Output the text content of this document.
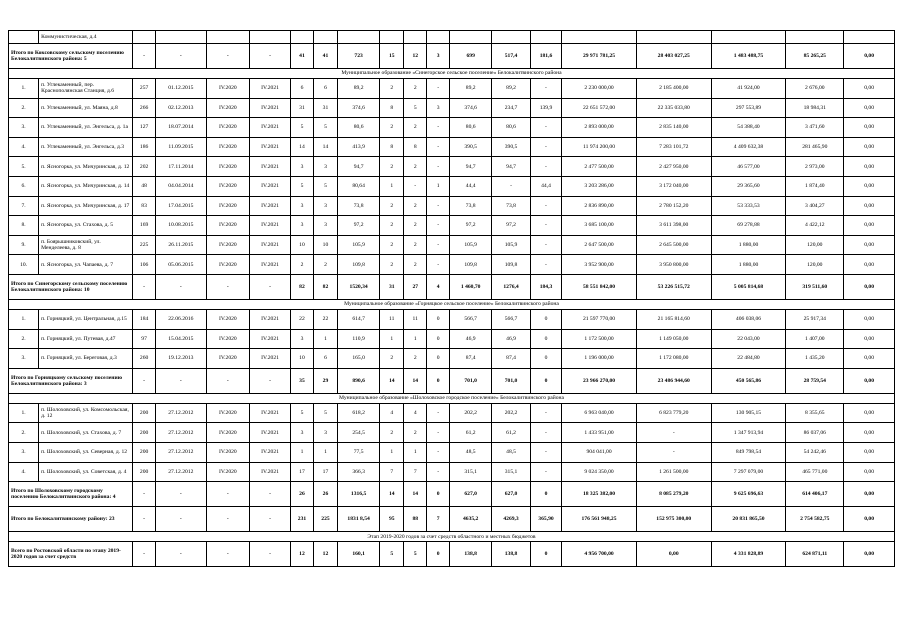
	Коммунистическая, д.4																		
Итого по Коксовскому сельскому поселению Белокалитвинского района: 5		-	-	-	-	41	41	723	15	12	3	699	517,4	181,6	29 971 781,25	28 403 027,25	1 483 488,75	85 265,25	0,00
Муниципальное образование «Синегорское сельское поселение» Белокалитвинского района																			
1.	п. Углекаменный, пер. Краснополянская Станция, д.6	257	01.12.2015	IV.2020	IV.2021	6	6	89,2	2	2	-	89,2	89,2	-	2 230 000,00	2 185 400,00	41 924,00	2 676,00	0,00
2.	п. Углекаменный, ул. Маяна, д.8	266	02.12.2013	IV.2020	IV.2021	31	31	374,6	8	5	3	374,6	234,7	139,9	22 651 572,00	22 335 033,80	297 553,89	18 984,31	0,00
3.	п. Углекаменный, ул. Энгельса, д. 1а	127	18.07.2014	IV.2020	IV.2021	5	5	80,6	2	2	-	80,6	80,6	-	2 893 000,00	2 835 140,00	54 388,40	3 471,60	0,00
4.	п. Углекаменный, ул. Энгельса, д.3	186	11.09.2015	IV.2020	IV.2021	14	14	413,9	8	8	-	390,5	390,5	-	11 974 200,00	7 283 101,72	4 409 632,38	281 465,90	0,00
5.	п. Ясногорка, ул. Мичуринская, д. 12	202	17.11.2014	IV.2020	IV.2021	3	3	94,7	2	2	-	94,7	94,7	-	2 477 500,00	2 427 950,00	46 577,00	2 973,00	0,00
6.	п. Ясногорка, ул. Мичуринская, д. 14	48	04.04.2014	IV.2020	IV.2021	5	5	80,64	1	-	1	44,4	-	44,4	3 203 286,00	3 172 040,00	29 365,60	1 874,40	0,00
7.	п. Ясногорка, ул. Мичуринская, д. 17	83	17.04.2015	IV.2020	IV.2021	3	3	73,8	2	2	-	73,8	73,8	-	2 836 890,00	2 780 152,20	53 333,53	3 404,27	0,00
8.	п. Ясногорка, ул. Стахова, д. 5	169	10.08.2015	IV.2020	IV.2021	3	3	97,2	2	2	-	97,2	97,2	-	3 685 100,00	3 611 398,00	69 278,88	4 422,12	0,00
9.	п. Боярышниковский, ул. Менделеева, д. 8	225	26.11.2015	IV.2020	IV.2021	10	10	105,9	2	2	-	105,9	105,9	-	2 647 500,00	2 645 500,00	1 880,00	120,00	0,00
10.	п. Ясногорка, ул. Чапаева, д. 7	106	05.06.2015	IV.2020	IV.2021	2	2	109,8	2	2	-	109,8	109,8	-	3 952 900,00	3 950 800,00	1 880,00	120,00	0,00
Итого по Синегорскому сельскому поселению Белокалитвинского района: 10		-	-	-	-	82	82	1520,34	31	27	4	1 460,70	1276,4	184,3	58 551 842,00	53 226 515,72	5 005 814,68	319 511,60	0,00
Муниципальное образование «Горняцкое сельское поселение» Белокалитвинского района																			
1.	п. Горняцкий, ул. Центральная, д.15	184	22.06.2016	IV.2020	IV.2021	22	22	614,7	11	11	0	566,7	566,7	0	21 597 770,00	21 165 814,60	406 038,06	25 917,34	0,00
2.	п. Горняцкий, ул. Путевая, д.47	97	15.04.2015	IV.2020	IV.2021	3	1	110,9	1	1	0	46,9	46,9	0	1 172 500,00	1 149 050,00	22 043,00	1 407,00	0,00
3.	п. Горняцкий, ул. Береговая, д.3	260	19.12.2013	IV.2020	IV.2021	10	6	165,0	2	2	0	87,4	87,4	0	1 196 000,00	1 172 080,00	22 484,80	1 435,20	0,00
Итого по Горняцкому сельскому поселению Белокалитвинского района: 3		-	-	-	-	35	29	890,6	14	14	0	701,0	701,0	0	23 966 270,00	23 486 944,60	450 565,86	28 759,54	0,00
Муниципальное образование «Шолоховское городское поселение» Белокалитвинского района																			
1.	п. Шолоховский, ул. Комсомольская, д. 12	200	27.12.2012	IV.2020	IV.2021	5	5	618,2	4	4	-	202,2	202,2	-	6 963 040,00	6 823 779,20	130 905,15	8 355,65	0,00
2.	п. Шолоховский, ул. Стахова, д. 7	200	27.12.2012	IV.2020	IV.2021	3	3	254,5	2	2	-	61,2	61,2	-	1 433 951,00	-	1 347 913,94	86 037,06	0,00
3.	п. Шолоховский, ул. Северная, д. 12	200	27.12.2012	IV.2020	IV.2021	1	1	77,5	1	1	-	48,5	48,5	-	904 041,00	-	849 798,54	54 242,46	0,00
4.	п. Шолоховский, ул. Советская, д. 4	200	27.12.2012	IV.2020	IV.2021	17	17	366,3	7	7	-	315,1	315,1	-	9 024 350,00	1 261 500,00	7 297 079,00	465 771,00	0,00
Итого по Шолоховскому городскому поселению Белокалитвинского района: 4		-	-	-	-	26	26	1316,5	14	14	0	627,0	627,0	0	18 325 382,00	8 085 279,20	9 625 696,63	614 406,17	0,00
Итого по Белокалитвинскому району: 23		-	-	-	-	231	225	1831 8,54	95	88	7	4635,2	4269,3	365,90	176 561 948,25	152 975 300,00	20 831 865,50	2 754 582,75	0,00
Этап 2019-2020 годов за счет средств областного и местных бюджетов																			
Всего по Ростовской области по этапу 2019-2020 годов за счет средств		-	-	-	-	12	12	160,1	5	5	0	138,8	138,8	0	4 956 700,00	0,00	4 331 828,89	624 871,11	0,00
